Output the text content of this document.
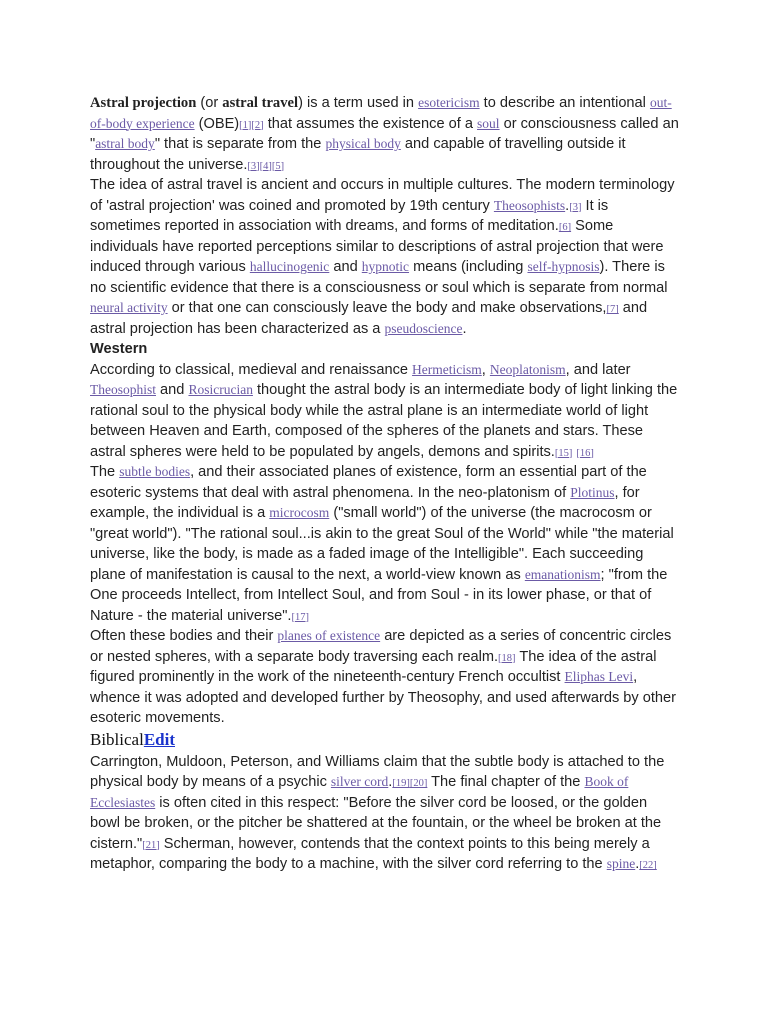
Astral projection (or astral travel) is a term used in esotericism to describe an intentional out-of-body experience (OBE)[1][2] that assumes the existence of a soul or consciousness called an "astral body" that is separate from the physical body and capable of travelling outside it throughout the universe.[3][4][5]

The idea of astral travel is ancient and occurs in multiple cultures. The modern terminology of 'astral projection' was coined and promoted by 19th century Theosophists.[3] It is sometimes reported in association with dreams, and forms of meditation.[6] Some individuals have reported perceptions similar to descriptions of astral projection that were induced through various hallucinogenic and hypnotic means (including self-hypnosis). There is no scientific evidence that there is a consciousness or soul which is separate from normal neural activity or that one can consciously leave the body and make observations,[7] and astral projection has been characterized as a pseudoscience.

Western

According to classical, medieval and renaissance Hermeticism, Neoplatonism, and later Theosophist and Rosicrucian thought the astral body is an intermediate body of light linking the rational soul to the physical body while the astral plane is an intermediate world of light between Heaven and Earth, composed of the spheres of the planets and stars. These astral spheres were held to be populated by angels, demons and spirits.[15] [16]

The subtle bodies, and their associated planes of existence, form an essential part of the esoteric systems that deal with astral phenomena. In the neo-platonism of Plotinus, for example, the individual is a microcosm ("small world") of the universe (the macrocosm or "great world"). "The rational soul...is akin to the great Soul of the World" while "the material universe, like the body, is made as a faded image of the Intelligible". Each succeeding plane of manifestation is causal to the next, a world-view known as emanationism; "from the One proceeds Intellect, from Intellect Soul, and from Soul - in its lower phase, or that of Nature - the material universe".[17]

Often these bodies and their planes of existence are depicted as a series of concentric circles or nested spheres, with a separate body traversing each realm.[18] The idea of the astral figured prominently in the work of the nineteenth-century French occultist Eliphas Levi, whence it was adopted and developed further by Theosophy, and used afterwards by other esoteric movements.

BiblicalEdit

Carrington, Muldoon, Peterson, and Williams claim that the subtle body is attached to the physical body by means of a psychic silver cord.[19][20] The final chapter of the Book of Ecclesiastes is often cited in this respect: "Before the silver cord be loosed, or the golden bowl be broken, or the pitcher be shattered at the fountain, or the wheel be broken at the cistern."[21] Scherman, however, contends that the context points to this being merely a metaphor, comparing the body to a machine, with the silver cord referring to the spine.[22]
